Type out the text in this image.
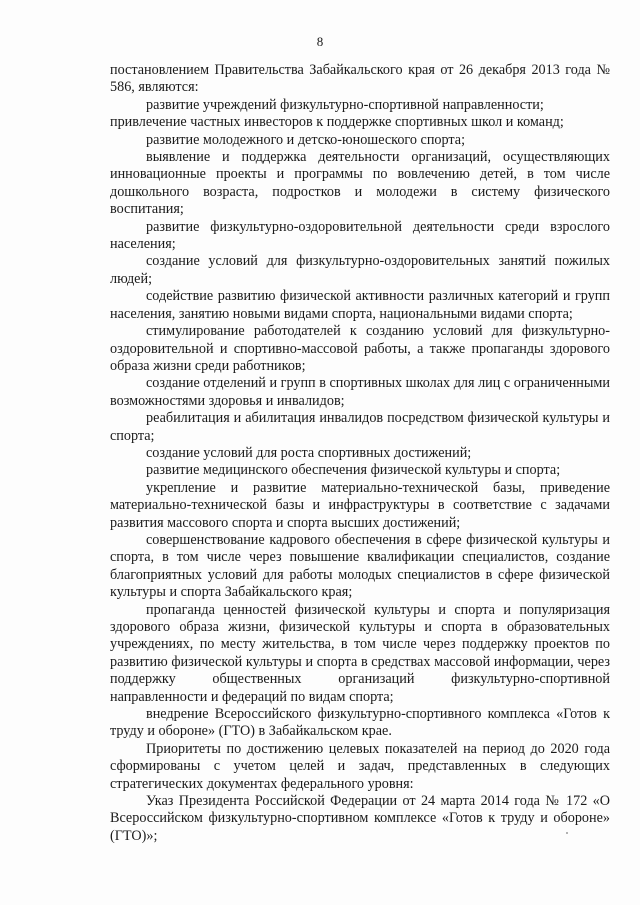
8

постановлением Правительства Забайкальского края от 26 декабря 2013 года № 586, являются:

развитие учреждений физкультурно-спортивной направленности;

привлечение частных инвесторов к поддержке спортивных школ и команд;

развитие молодежного и детско-юношеского спорта;

выявление и поддержка деятельности организаций, осуществляющих инновационные проекты и программы по вовлечению детей, в том числе дошкольного возраста, подростков и молодежи в систему физического воспитания;

развитие физкультурно-оздоровительной деятельности среди взрослого населения;

создание условий для физкультурно-оздоровительных занятий пожилых людей;

содействие развитию физической активности различных категорий и групп населения, занятию новыми видами спорта, национальными видами спорта;

стимулирование работодателей к созданию условий для физкультурно-оздоровительной и спортивно-массовой работы, а также пропаганды здорового образа жизни среди работников;

создание отделений и групп в спортивных школах для лиц с ограниченными возможностями здоровья и инвалидов;

реабилитация и абилитация инвалидов посредством физической культуры и спорта;

создание условий для роста спортивных достижений;

развитие медицинского обеспечения физической культуры и спорта;

укрепление и развитие материально-технической базы, приведение материально-технической базы и инфраструктуры в соответствие с задачами развития массового спорта и спорта высших достижений;

совершенствование кадрового обеспечения в сфере физической культуры и спорта, в том числе через повышение квалификации специалистов, создание благоприятных условий для работы молодых специалистов в сфере физической культуры и спорта Забайкальского края;

пропаганда ценностей физической культуры и спорта и популяризация здорового образа жизни, физической культуры и спорта в образовательных учреждениях, по месту жительства, в том числе через поддержку проектов по развитию физической культуры и спорта в средствах массовой информации, через поддержку общественных организаций физкультурно-спортивной направленности и федераций по видам спорта;

внедрение Всероссийского физкультурно-спортивного комплекса «Готов к труду и обороне» (ГТО) в Забайкальском крае.

Приоритеты по достижению целевых показателей на период до 2020 года сформированы с учетом целей и задач, представленных в следующих стратегических документах федерального уровня:

Указ Президента Российской Федерации от 24 марта 2014 года № 172 «О Всероссийском физкультурно-спортивном комплексе «Готов к труду и обороне» (ГТО)»;
